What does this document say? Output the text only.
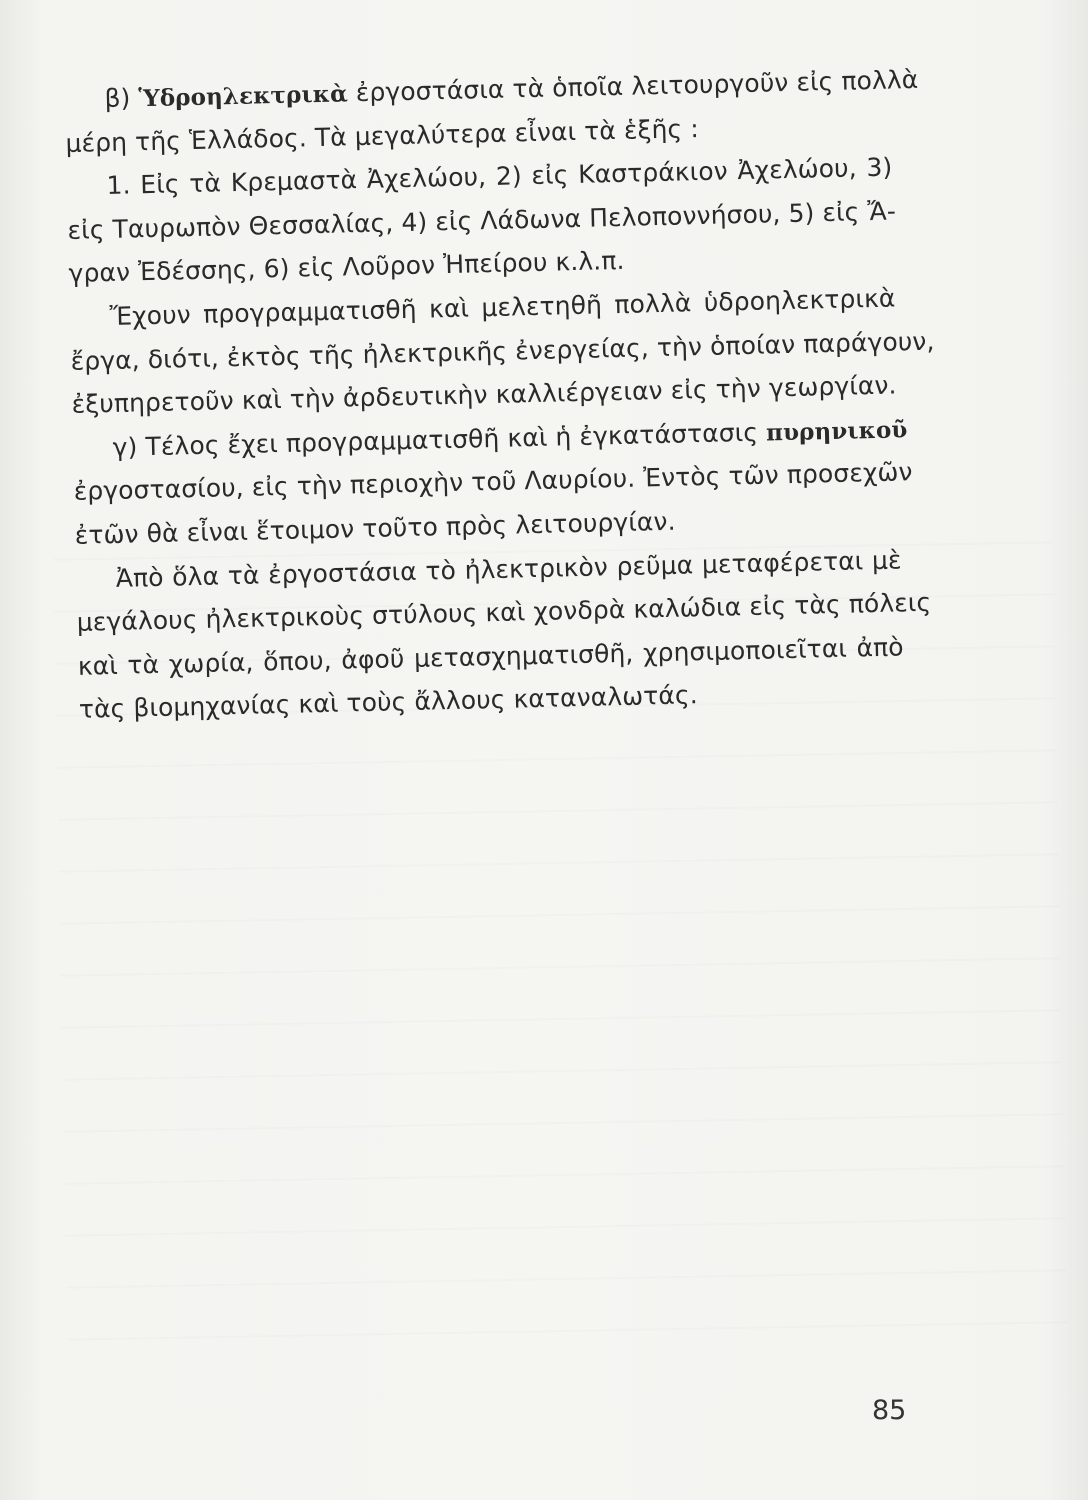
β) Ὑδροηλεκτρικὰ ἐργοστάσια τὰ ὁποῖα λειτουργοῦν εἰς πολλὰ
μέρη τῆς Ἑλλάδος. Τὰ μεγαλύτερα εἶναι τὰ ἑξῆς :
1. Εἰς τὰ Κρεμαστὰ Ἀχελώου, 2) εἰς Καστράκιον Ἀχελώου, 3)
εἰς Ταυρωπὸν Θεσσαλίας, 4) εἰς Λάδωνα Πελοποννήσου, 5) εἰς Ἄ-
γραν Ἐδέσσης, 6) εἰς Λοῦρον Ἠπείρου κ.λ.π.
Ἔχουν προγραμματισθῆ καὶ μελετηθῆ πολλὰ ὑδροηλεκτρικὰ
ἔργα, διότι, ἐκτὸς τῆς ἠλεκτρικῆς ἐνεργείας, τὴν ὁποίαν παράγουν,
ἐξυπηρετοῦν καὶ τὴν ἀρδευτικὴν καλλιέργειαν εἰς τὴν γεωργίαν.
γ) Τέλος ἔχει προγραμματισθῆ καὶ ἡ ἐγκατάστασις πυρηνικοῦ
ἐργοστασίου, εἰς τὴν περιοχὴν τοῦ Λαυρίου. Ἐντὸς τῶν προσεχῶν
ἐτῶν θὰ εἶναι ἕτοιμον τοῦτο πρὸς λειτουργίαν.
Ἀπὸ ὅλα τὰ ἐργοστάσια τὸ ἠλεκτρικὸν ρεῦμα μεταφέρεται μὲ
μεγάλους ἠλεκτρικοὺς στύλους καὶ χονδρὰ καλώδια εἰς τὰς πόλεις
καὶ τὰ χωρία, ὅπου, ἀφοῦ μετασχηματισθῆ, χρησιμοποιεῖται ἀπὸ
τὰς βιομηχανίας καὶ τοὺς ἄλλους καταναλωτάς.
85
